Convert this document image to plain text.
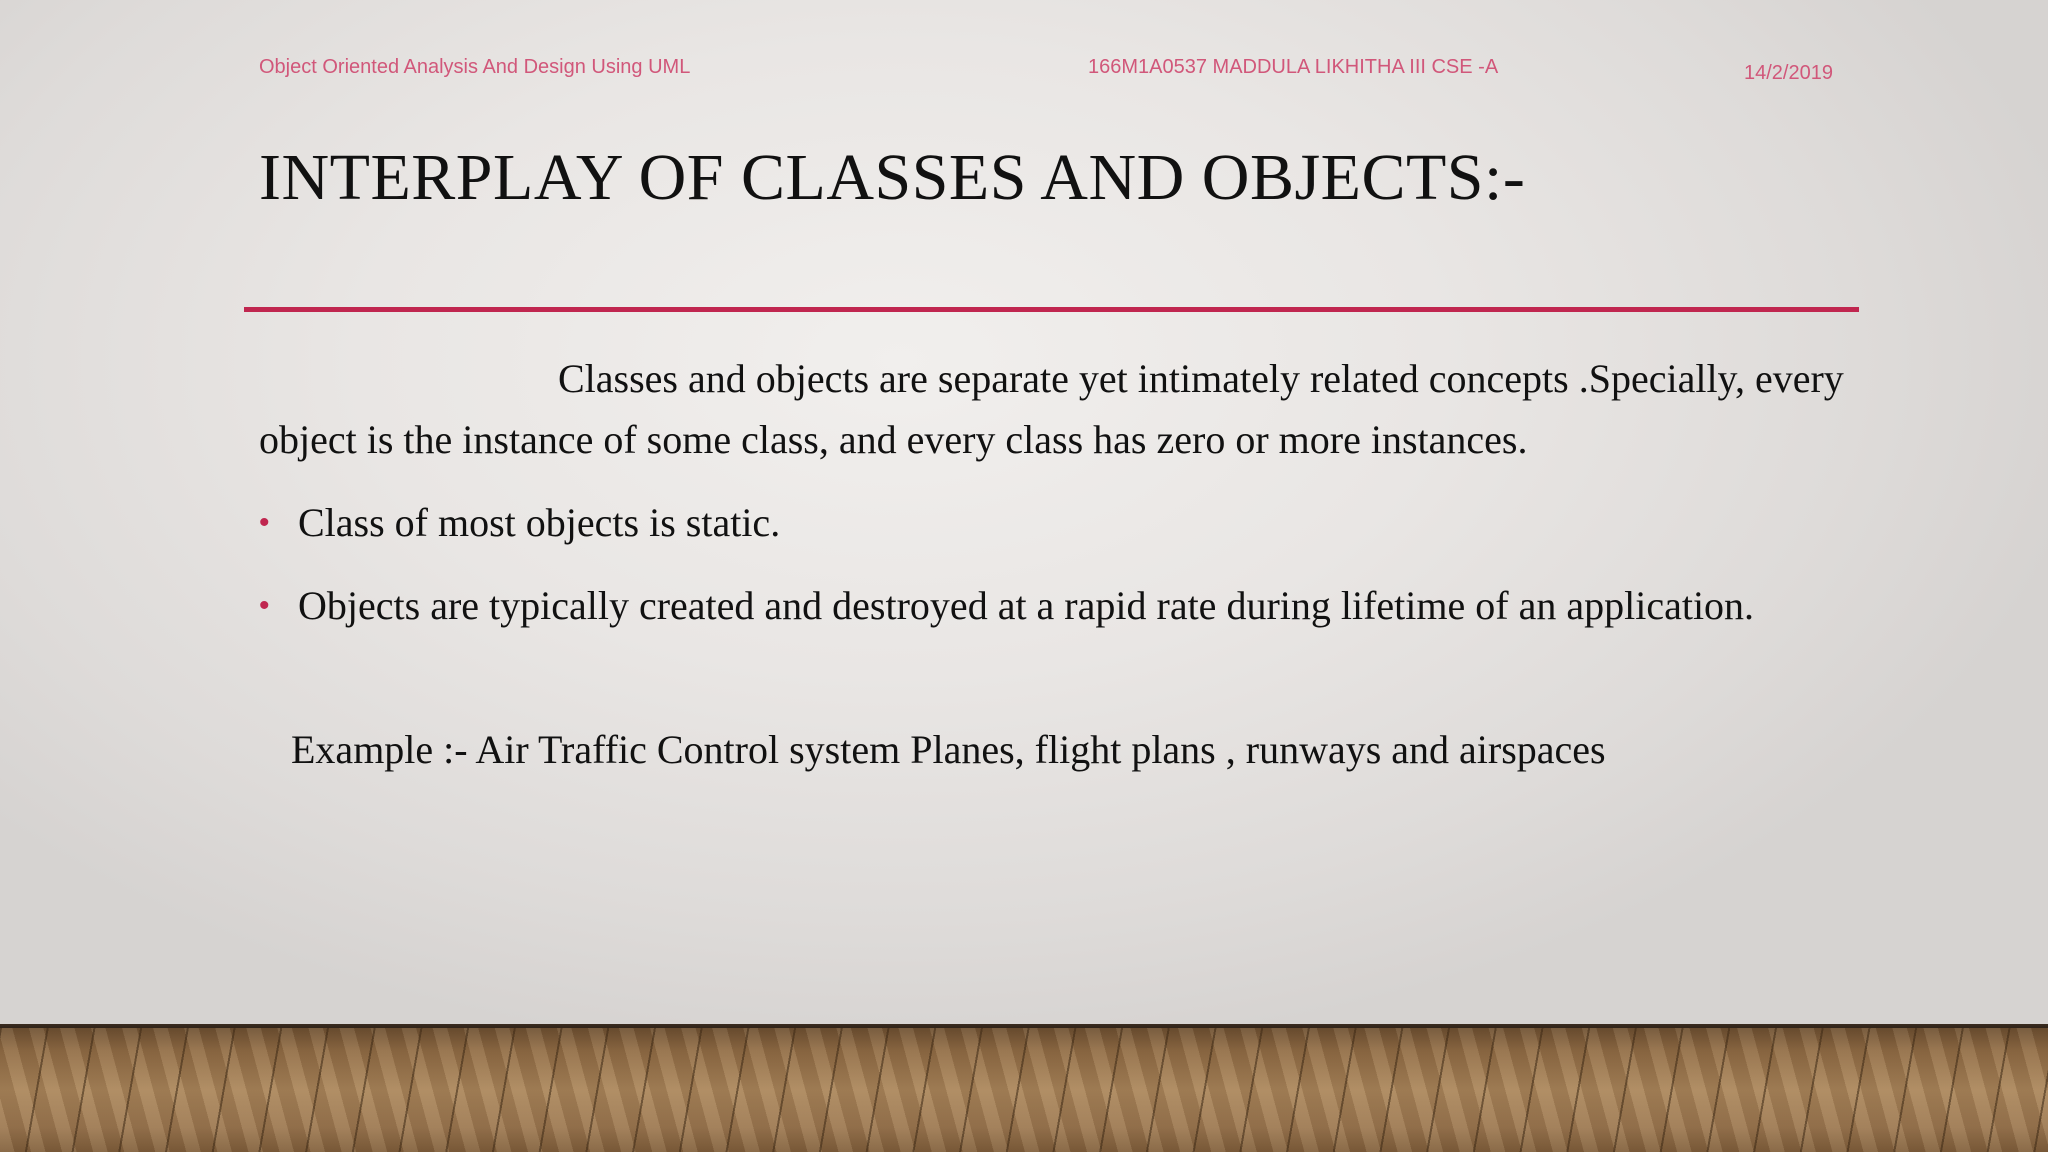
Object Oriented Analysis And Design Using UML	166M1A0537 MADDULA LIKHITHA III CSE -A	14/2/2019
INTERPLAY OF CLASSES AND OBJECTS:-
Classes and objects are separate yet intimately related concepts .Specially, every object is the instance of some class, and every class has zero or more instances.
• Class of most objects is static.
• Objects are typically created and destroyed at a rapid rate during lifetime of an application.
Example :- Air Traffic Control system Planes, flight plans , runways and airspaces
